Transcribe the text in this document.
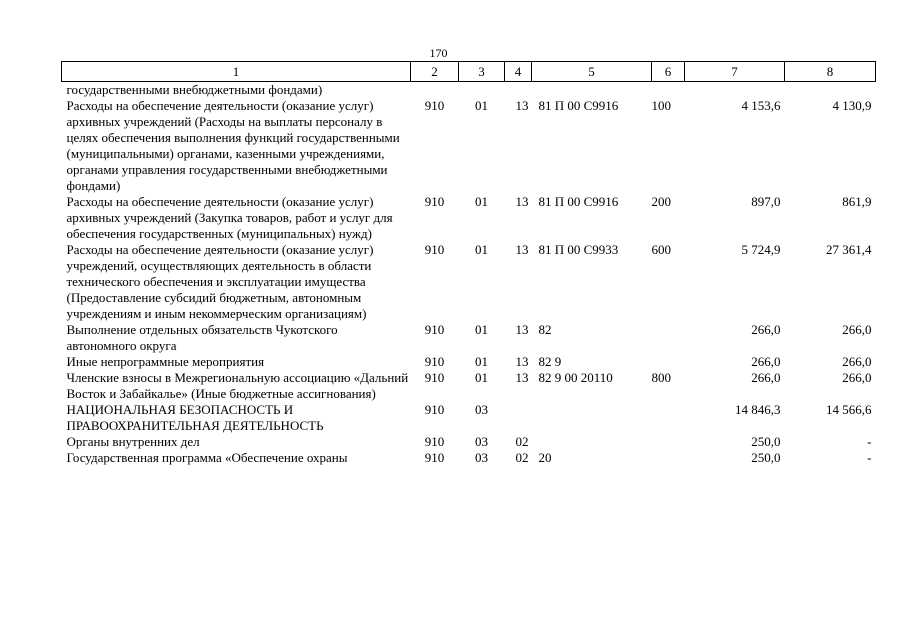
170
1	2	3	4	5	6	7	8
государственными внебюджетными фондами)							
Расходы на обеспечение деятельности (оказание услуг) архивных учреждений (Расходы на выплаты персоналу в целях обеспечения выполнения функций государственными (муниципальными) органами, казенными учреждениями, органами управления государственными внебюджетными фондами)	910	01	13	81 П 00 С9916	100	4 153,6	4 130,9
Расходы на обеспечение деятельности (оказание услуг) архивных учреждений (Закупка товаров, работ и услуг для обеспечения государственных (муниципальных) нужд)	910	01	13	81 П 00 С9916	200	897,0	861,9
Расходы на обеспечение деятельности (оказание услуг) учреждений, осуществляющих деятельность в области технического обеспечения и эксплуатации имущества (Предоставление субсидий бюджетным, автономным учреждениям и иным некоммерческим организациям)	910	01	13	81 П 00 С9933	600	5 724,9	27 361,4
Выполнение отдельных обязательств Чукотского автономного округа	910	01	13	82		266,0	266,0
Иные непрограммные мероприятия	910	01	13	82 9		266,0	266,0
Членские взносы в Межрегиональную ассоциацию «Дальний Восток и Забайкалье» (Иные бюджетные ассигнования)	910	01	13	82 9 00 20110	800	266,0	266,0
НАЦИОНАЛЬНАЯ БЕЗОПАСНОСТЬ И ПРАВООХРАНИТЕЛЬНАЯ ДЕЯТЕЛЬНОСТЬ	910	03				14 846,3	14 566,6
Органы внутренних дел	910	03	02			250,0	-
Государственная программа «Обеспечение охраны	910	03	02	20		250,0	-
